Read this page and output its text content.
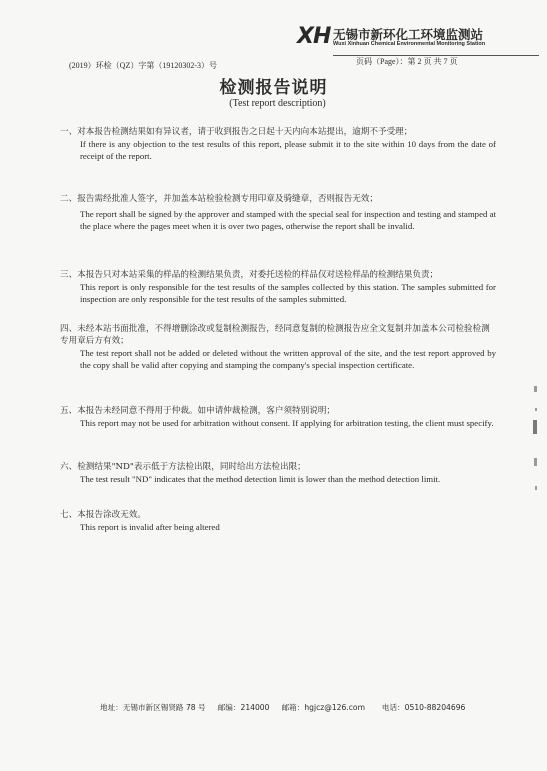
XH 无锡市新环化工环境监测站
Wuxi Xinhuan Chemical Environmental Monitoring Station
(2019）环检（QZ）字第（19120302-3）号	页码（Page）：第 2 页 共 7 页
检测报告说明
(Test report description)
一、对本报告检测结果如有异议者，请于收到报告之日起十天内向本站提出，逾期不予受理；
If there is any objection to the test results of this report, please submit it to the site within 10 days from the date of receipt of the report.
二、报告需经批准人签字，并加盖本站检验检测专用印章及骑缝章，否则报告无效；
The report shall be signed by the approver and stamped with the special seal for inspection and testing and stamped at the place where the pages meet when it is over two pages, otherwise the report shall be invalid.
三、本报告只对本站采集的样品的检测结果负责，对委托送检的样品仅对送检样品的检测结果负责；
This report is only responsible for the test results of the samples collected by this station. The samples submitted for inspection are only responsible for the test results of the samples submitted.
四、未经本站书面批准，不得增删涂改或复制检测报告，经同意复制的检测报告应全文复制并加盖本公司检验检测专用章后方有效；
The test report shall not be added or deleted without the written approval of the site, and the test report approved by the copy shall be valid after copying and stamping the company's special inspection certificate.
五、本报告未经同意不得用于仲裁。如申请仲裁检测，客户须特别说明；
This report may not be used for arbitration without consent. If applying for arbitration testing, the client must specify.
六、检测结果"ND"表示低于方法检出限，同时给出方法检出限；
The test result "ND" indicates that the method detection limit is lower than the method detection limit.
七、本报告涂改无效。
This report is invalid after being altered
地址：无锡市新区锡贤路 78 号 邮编：214000 邮箱：hgjcz@126.com 电话：0510-88204696
